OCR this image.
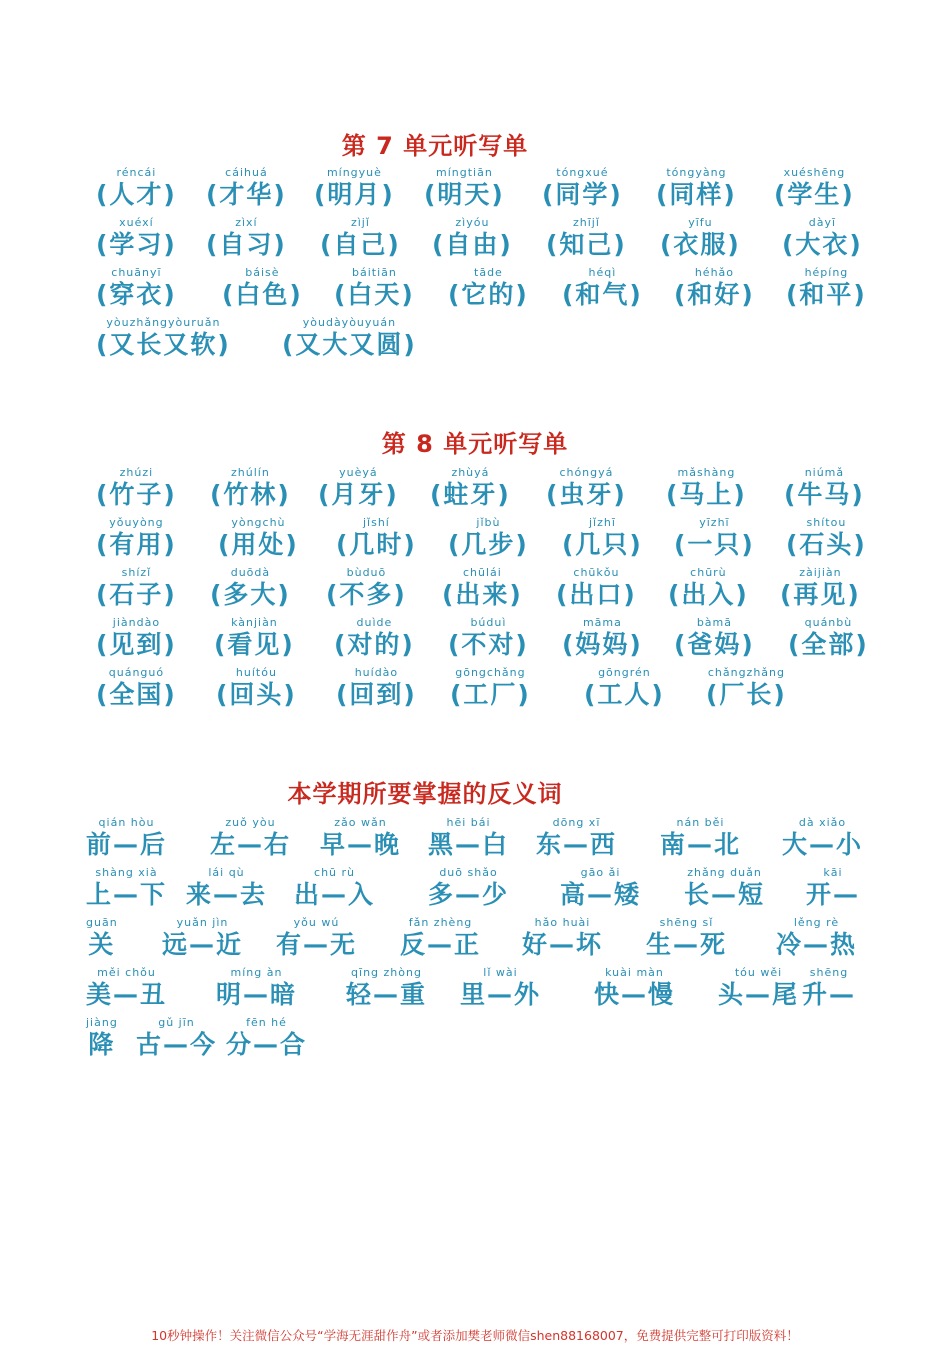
第 7 单元听写单
第 8 单元听写单
本学期所要掌握的反义词
réncái
(人才)
cáihuá
(才华)
míngyuè
(明月)
míngtiān
(明天)
tóngxué
(同学)
tóngyàng
(同样)
xuéshēng
(学生)
xuéxí
(学习)
zìxí
(自习)
zìjǐ
(自己)
zìyóu
(自由)
zhījǐ
(知己)
yīfu
(衣服)
dàyī
(大衣)
chuānyī
(穿衣)
báisè
(白色)
báitiān
(白天)
tāde
(它的)
héqì
(和气)
héhǎo
(和好)
hépíng
(和平)
yòuzhǎngyòuruǎn
(又长又软)
yòudàyòuyuán
(又大又圆)
zhúzi
(竹子)
zhúlín
(竹林)
yuèyá
(月牙)
zhùyá
(蛀牙)
chóngyá
(虫牙)
mǎshàng
(马上)
niúmǎ
(牛马)
yǒuyòng
(有用)
yòngchù
(用处)
jǐshí
(几时)
jǐbù
(几步)
jǐzhī
(几只)
yīzhī
(一只)
shítou
(石头)
shízǐ
(石子)
duōdà
(多大)
bùduō
(不多)
chūlái
(出来)
chūkǒu
(出口)
chūrù
(出入)
zàijiàn
(再见)
jiàndào
(见到)
kànjiàn
(看见)
duìde
(对的)
búduì
(不对)
māma
(妈妈)
bàmā
(爸妈)
quánbù
(全部)
quánguó
(全国)
huítóu
(回头)
huídào
(回到)
gōngchǎng
(工厂)
gōngrén
(工人)
chǎngzhǎng
(厂长)
qián hòu
前—后
zuǒ yòu
左—右
zǎo wǎn
早—晚
hēi bái
黑—白
dōng xī
东—西
nán běi
南—北
dà xiǎo
大—小
shàng xià
上—下
lái qù
来—去
chū rù
出—入
duō shǎo
多—少
gāo ǎi
高—矮
zhǎng duǎn
长—短
kāi
开—
guān
关
yuǎn jìn
远—近
yǒu wú
有—无
fǎn zhèng
反—正
hǎo huài
好—坏
shēng sǐ
生—死
lěng rè
冷—热
měi chǒu
美—丑
míng àn
明—暗
qīng zhòng
轻—重
lǐ wài
里—外
kuài màn
快—慢
tóu wěi
头—尾
shēng
升—
jiàng
降
gǔ jīn
古—今
fēn hé
分—合
10秒钟操作！关注微信公众号“学海无涯甜作舟”或者添加樊老师微信shen88168007，免费提供完整可打印版资料！
